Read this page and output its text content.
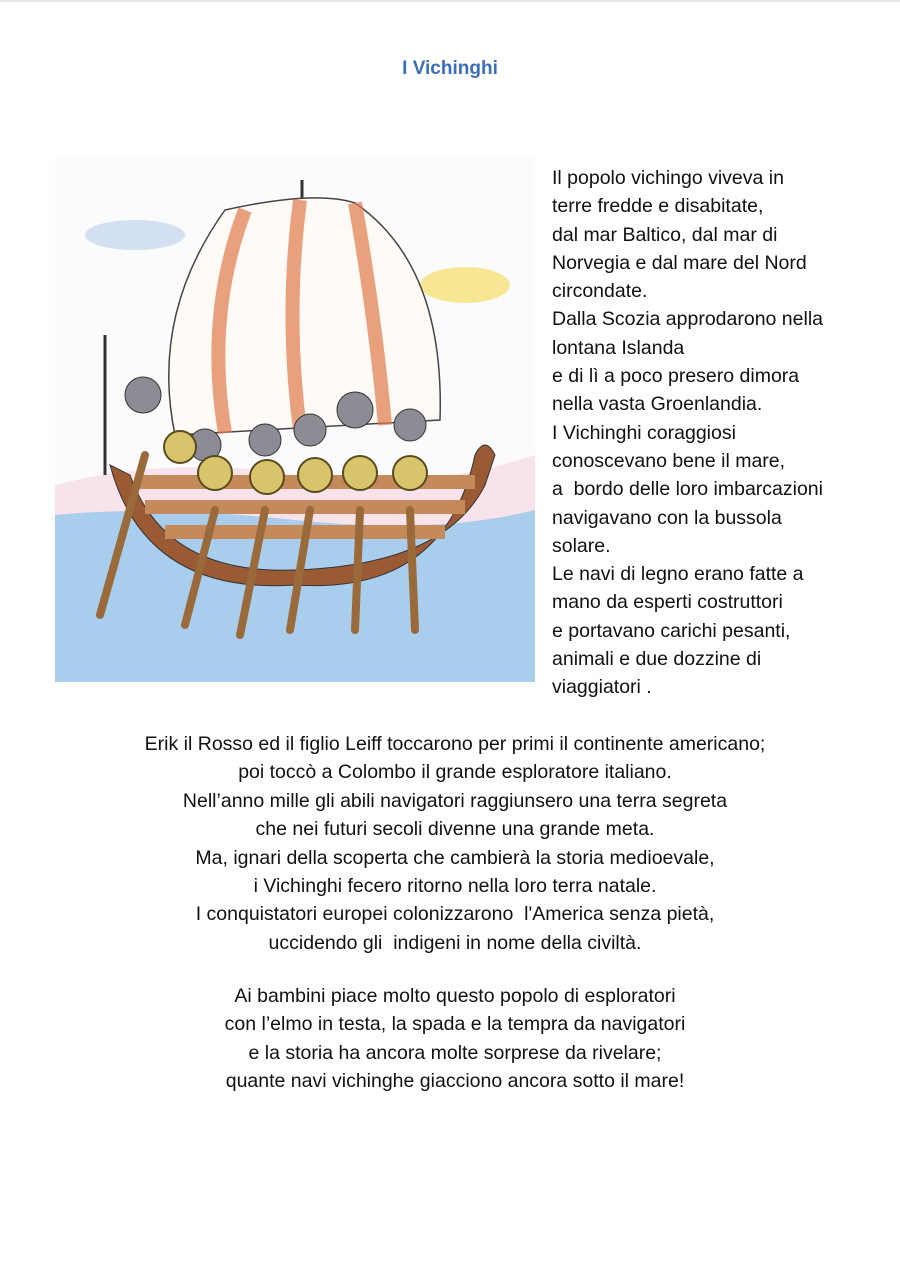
I Vichinghi
Il popolo vichingo viveva in
terre fredde e disabitate,
dal mar Baltico, dal mar di
Norvegia e dal mare del Nord
circondate.
Dalla Scozia approdarono nella
lontana Islanda
e di lì a poco presero dimora
nella vasta Groenlandia.
I Vichinghi coraggiosi
conoscevano bene il mare,
a  bordo delle loro imbarcazioni
navigavano con la bussola
solare.
Le navi di legno erano fatte a
mano da esperti costruttori
e portavano carichi pesanti,
animali e due dozzine di
viaggiatori .
Erik il Rosso ed il figlio Leiff toccarono per primi il continente americano;
poi toccò a Colombo il grande esploratore italiano.
Nell’anno mille gli abili navigatori raggiunsero una terra segreta
che nei futuri secoli divenne una grande meta.
Ma, ignari della scoperta che cambierà la storia medioevale,
i Vichinghi fecero ritorno nella loro terra natale.
I conquistatori europei colonizzarono  l'America senza pietà,
uccidendo gli  indigeni in nome della civiltà.
Ai bambini piace molto questo popolo di esploratori
con l’elmo in testa, la spada e la tempra da navigatori
e la storia ha ancora molte sorprese da rivelare;
quante navi vichinghe giacciono ancora sotto il mare!
